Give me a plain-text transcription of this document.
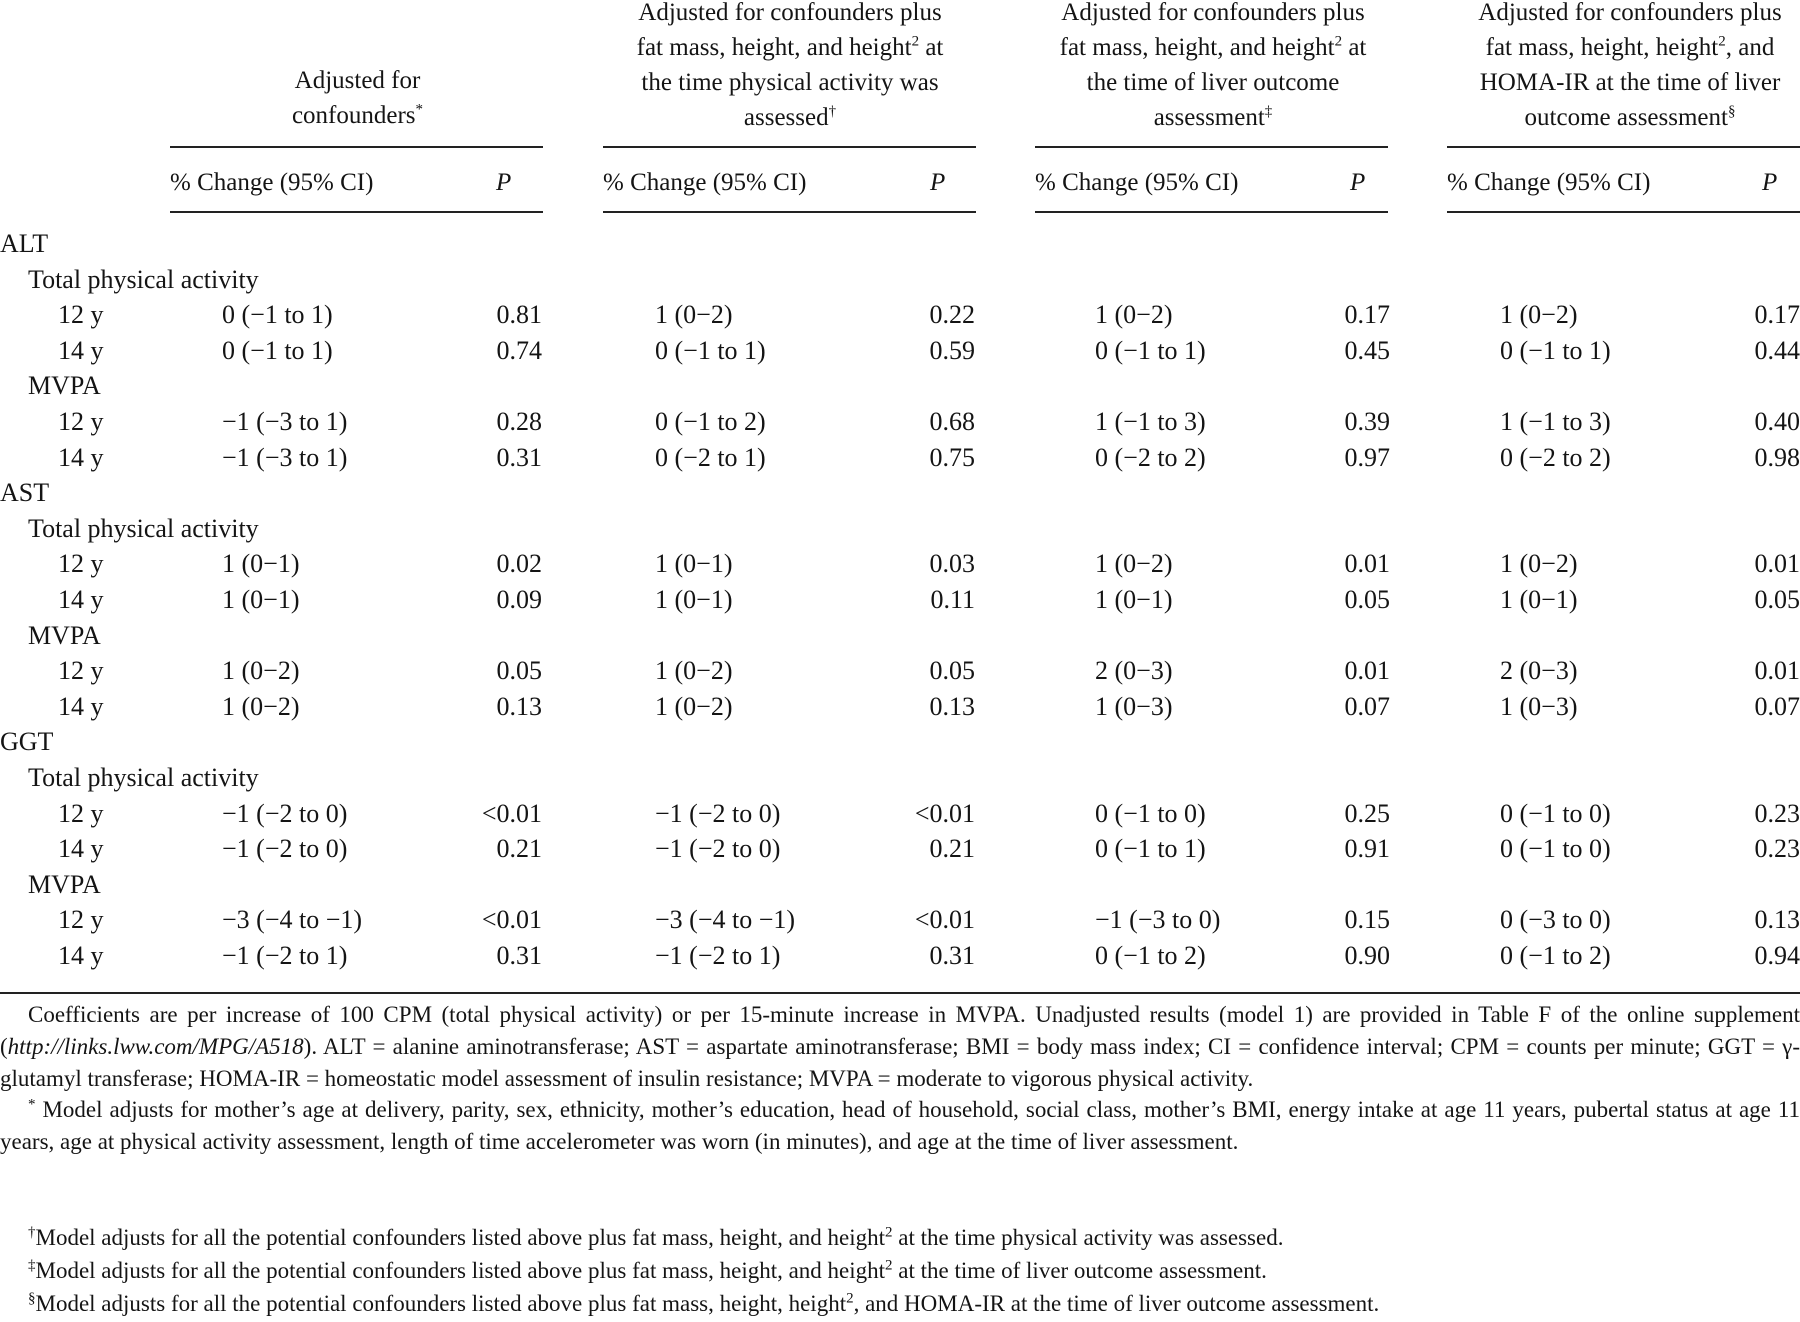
Adjusted for
confounders*
Adjusted for confounders plus
fat mass, height, and height$^2$ at
the time physical activity was
assessed†
Adjusted for confounders plus
fat mass, height, and height$^2$ at
the time of liver outcome
assessment‡
Adjusted for confounders plus
fat mass, height, height$^2$, and
HOMA-IR at the time of liver
outcome assessment§
% Change (95% CI)	P	% Change (95% CI)	P	% Change (95% CI)	P	% Change (95% CI)	P
ALT
Total physical activity
12 y	0 (−1 to 1)	0.81	1 (0−2)	0.22	1 (0−2)	0.17	1 (0−2)	0.17
14 y	0 (−1 to 1)	0.74	0 (−1 to 1)	0.59	0 (−1 to 1)	0.45	0 (−1 to 1)	0.44
MVPA
12 y	−1 (−3 to 1)	0.28	0 (−1 to 2)	0.68	1 (−1 to 3)	0.39	1 (−1 to 3)	0.40
14 y	−1 (−3 to 1)	0.31	0 (−2 to 1)	0.75	0 (−2 to 2)	0.97	0 (−2 to 2)	0.98
AST
Total physical activity
12 y	1 (0−1)	0.02	1 (0−1)	0.03	1 (0−2)	0.01	1 (0−2)	0.01
14 y	1 (0−1)	0.09	1 (0−1)	0.11	1 (0−1)	0.05	1 (0−1)	0.05
MVPA
12 y	1 (0−2)	0.05	1 (0−2)	0.05	2 (0−3)	0.01	2 (0−3)	0.01
14 y	1 (0−2)	0.13	1 (0−2)	0.13	1 (0−3)	0.07	1 (0−3)	0.07
GGT
Total physical activity
12 y	−1 (−2 to 0)	<0.01	−1 (−2 to 0)	<0.01	0 (−1 to 0)	0.25	0 (−1 to 0)	0.23
14 y	−1 (−2 to 0)	0.21	−1 (−2 to 0)	0.21	0 (−1 to 1)	0.91	0 (−1 to 0)	0.23
MVPA
12 y	−3 (−4 to −1)	<0.01	−3 (−4 to −1)	<0.01	−1 (−3 to 0)	0.15	0 (−3 to 0)	0.13
14 y	−1 (−2 to 1)	0.31	−1 (−2 to 1)	0.31	0 (−1 to 2)	0.90	0 (−1 to 2)	0.94
Coefficients are per increase of 100 CPM (total physical activity) or per 15-minute increase in MVPA. Unadjusted results (model 1) are provided in Table F of the online supplement (http://links.lww.com/MPG/A518). ALT = alanine aminotransferase; AST = aspartate aminotransferase; BMI = body mass index; CI = confidence interval; CPM = counts per minute; GGT = γ-glutamyl transferase; HOMA-IR = homeostatic model assessment of insulin resistance; MVPA = moderate to vigorous physical activity.
* Model adjusts for mother’s age at delivery, parity, sex, ethnicity, mother’s education, head of household, social class, mother’s BMI, energy intake at age 11 years, pubertal status at age 11 years, age at physical activity assessment, length of time accelerometer was worn (in minutes), and age at the time of liver assessment.
†Model adjusts for all the potential confounders listed above plus fat mass, height, and height$^2$ at the time physical activity was assessed.
‡Model adjusts for all the potential confounders listed above plus fat mass, height, and height$^2$ at the time of liver outcome assessment.
§Model adjusts for all the potential confounders listed above plus fat mass, height, height$^2$, and HOMA-IR at the time of liver outcome assessment.
